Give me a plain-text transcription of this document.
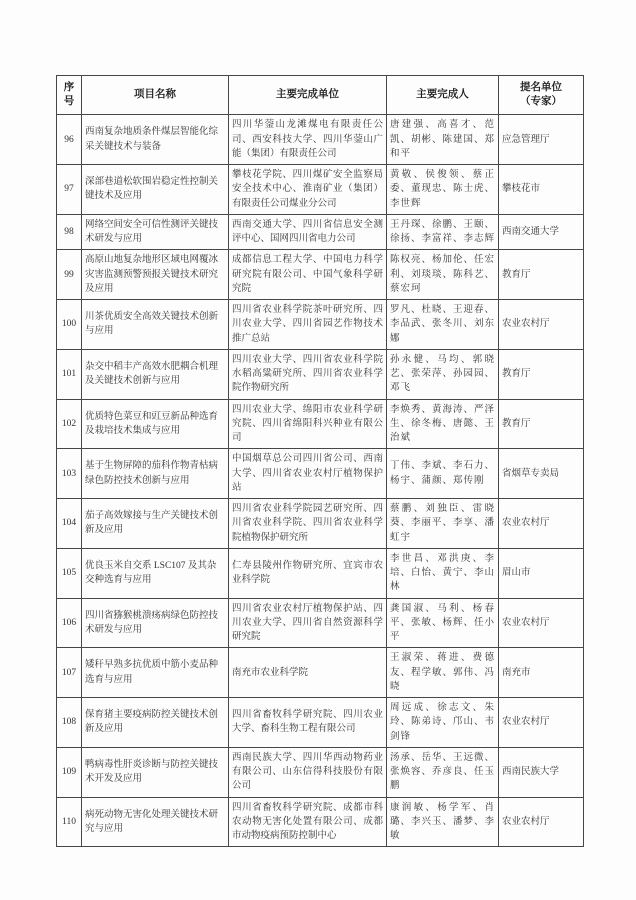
序号	项目名称	主要完成单位	主要完成人	提名单位
（专家）
96	西南复杂地质条件煤层智能化综采关键技术与装备	四川华蓥山龙滩煤电有限责任公司、西安科技大学、四川华蓥山广能（集团）有限责任公司	唐建强、高喜才、范凯、胡彬、陈建国、郑和平	应急管理厅
97	深部巷道松软围岩稳定性控制关键技术及应用	攀枝花学院、四川煤矿安全监察局安全技术中心、淮南矿业（集团）有限责任公司煤业分公司	黄敬、侯俊领、蔡正委、董现忠、陈士虎、李世辉	攀枝花市
98	网络空间安全可信性测评关键技术研发与应用	西南交通大学、四川省信息安全测评中心、国网四川省电力公司	王丹琛、徐鹏、王颐、徐扬、李富祥、李志辉	西南交通大学
99	高原山地复杂地形区域电网覆冰灾害监测预警预报关键技术研究及应用	成都信息工程大学、中国电力科学研究院有限公司、中国气象科学研究院	陈权亮、杨加伦、任宏利、刘琰琰、陈科艺、蔡宏珂	教育厅
100	川茶优质安全高效关键技术创新与应用	四川省农业科学院茶叶研究所、四川农业大学、四川省园艺作物技术推广总站	罗凡、杜晓、王迎春、李品武、张冬川、刘东娜	农业农村厅
101	杂交中稻丰产高效水肥耦合机理及关键技术创新与应用	四川农业大学、四川省农业科学院水稻高粱研究所、四川省农业科学院作物研究所	孙永健、马均、郭晓艺、张荣萍、孙园园、邓飞	教育厅
102	优质特色菜豆和豇豆新品种选育及栽培技术集成与应用	四川农业大学、绵阳市农业科学研究院、四川省绵阳科兴种业有限公司	李焕秀、黄海涛、严泽生、徐冬梅、唐懿、王治斌	教育厅
103	基于生物屏障的茄科作物青枯病绿色防控技术创新与应用	中国烟草总公司四川省公司、西南大学、四川省农业农村厅植物保护站	丁伟、李斌、李石力、杨宇、蒲颜、郑传刚	省烟草专卖局
104	茄子高效嫁接与生产关键技术创新及应用	四川省农业科学院园艺研究所、四川省农业科学院、四川省农业科学院植物保护研究所	蔡鹏、刘独臣、雷晓葵、李丽平、李享、潘虹宇	农业农村厅
105	优良玉米自交系 LSC107 及其杂交种选育与应用	仁寿县陵州作物研究所、宜宾市农业科学院	李世昌、邓洪庚、李培、白怡、黄宁、李山林	眉山市
106	四川省猕猴桃溃疡病绿色防控技术研发与应用	四川省农业农村厅植物保护站、四川农业大学、四川省自然资源科学研究院	龚国淑、马利、杨春平、张敏、杨辉、任小平	农业农村厅
107	矮秆早熟多抗优质中筋小麦品种选育与应用	南充市农业科学院	王淑荣、蒋进、费德友、程学敏、郭伟、冯晓	南充市
108	保育猪主要疫病防控关键技术创新及应用	四川省畜牧科学研究院、四川农业大学、畜科生物工程有限公司	周远成、徐志文、朱玲、陈弟诗、邝山、韦剑锋	农业农村厅
109	鸭病毒性肝炎诊断与防控关键技术开发及应用	西南民族大学、四川华西动物药业有限公司、山东信得科技股份有限公司	汤承、岳华、王远微、张焕容、乔彦良、任玉鹏	西南民族大学
110	病死动物无害化处理关键技术研究与应用	四川省畜牧科学研究院、成都市科农动物无害化处置有限公司、成都市动物疫病预防控制中心	康润敏、杨学军、肖璐、李兴玉、潘梦、李敏	农业农村厅
